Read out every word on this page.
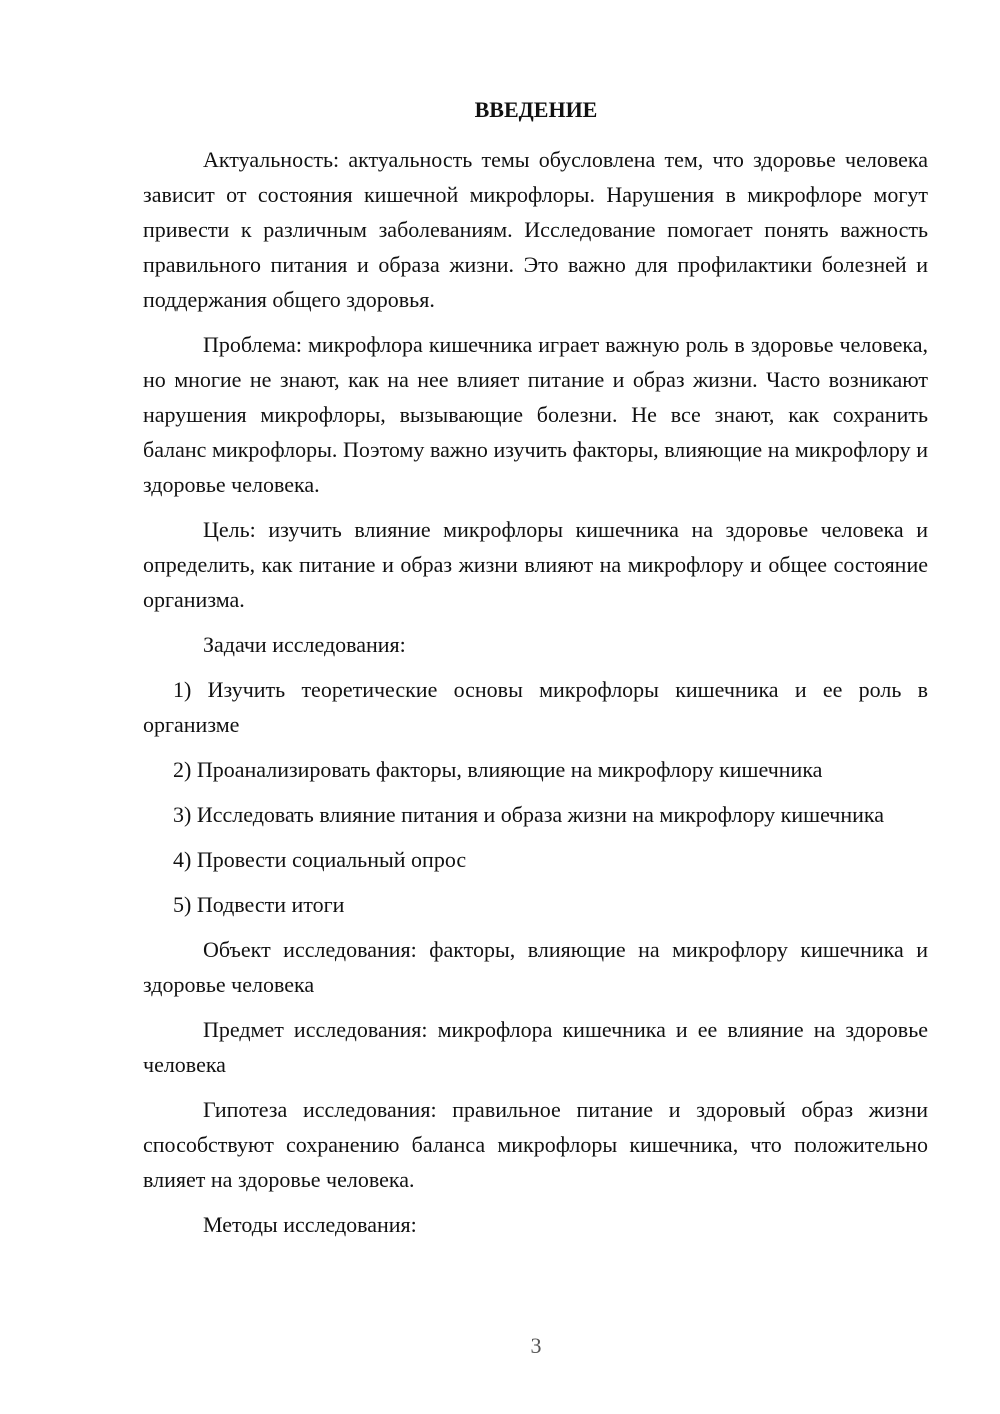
ВВЕДЕНИЕ

Актуальность: актуальность темы обусловлена тем, что здоровье человека зависит от состояния кишечной микрофлоры. Нарушения в микрофлоре могут привести к различным заболеваниям. Исследование помогает понять важность правильного питания и образа жизни. Это важно для профилактики болезней и поддержания общего здоровья.

Проблема: микрофлора кишечника играет важную роль в здоровье человека, но многие не знают, как на нее влияет питание и образ жизни. Часто возникают нарушения микрофлоры, вызывающие болезни. Не все знают, как сохранить баланс микрофлоры. Поэтому важно изучить факторы, влияющие на микрофлору и здоровье человека.

Цель: изучить влияние микрофлоры кишечника на здоровье человека и определить, как питание и образ жизни влияют на микрофлору и общее состояние организма.

Задачи исследования:

1) Изучить теоретические основы микрофлоры кишечника и ее роль в организме

2) Проанализировать факторы, влияющие на микрофлору кишечника

3) Исследовать влияние питания и образа жизни на микрофлору кишечника

4) Провести социальный опрос

5) Подвести итоги

Объект исследования: факторы, влияющие на микрофлору кишечника и здоровье человека

Предмет исследования: микрофлора кишечника и ее влияние на здоровье человека

Гипотеза исследования: правильное питание и здоровый образ жизни способствуют сохранению баланса микрофлоры кишечника, что положительно влияет на здоровье человека.

Методы исследования:

3
